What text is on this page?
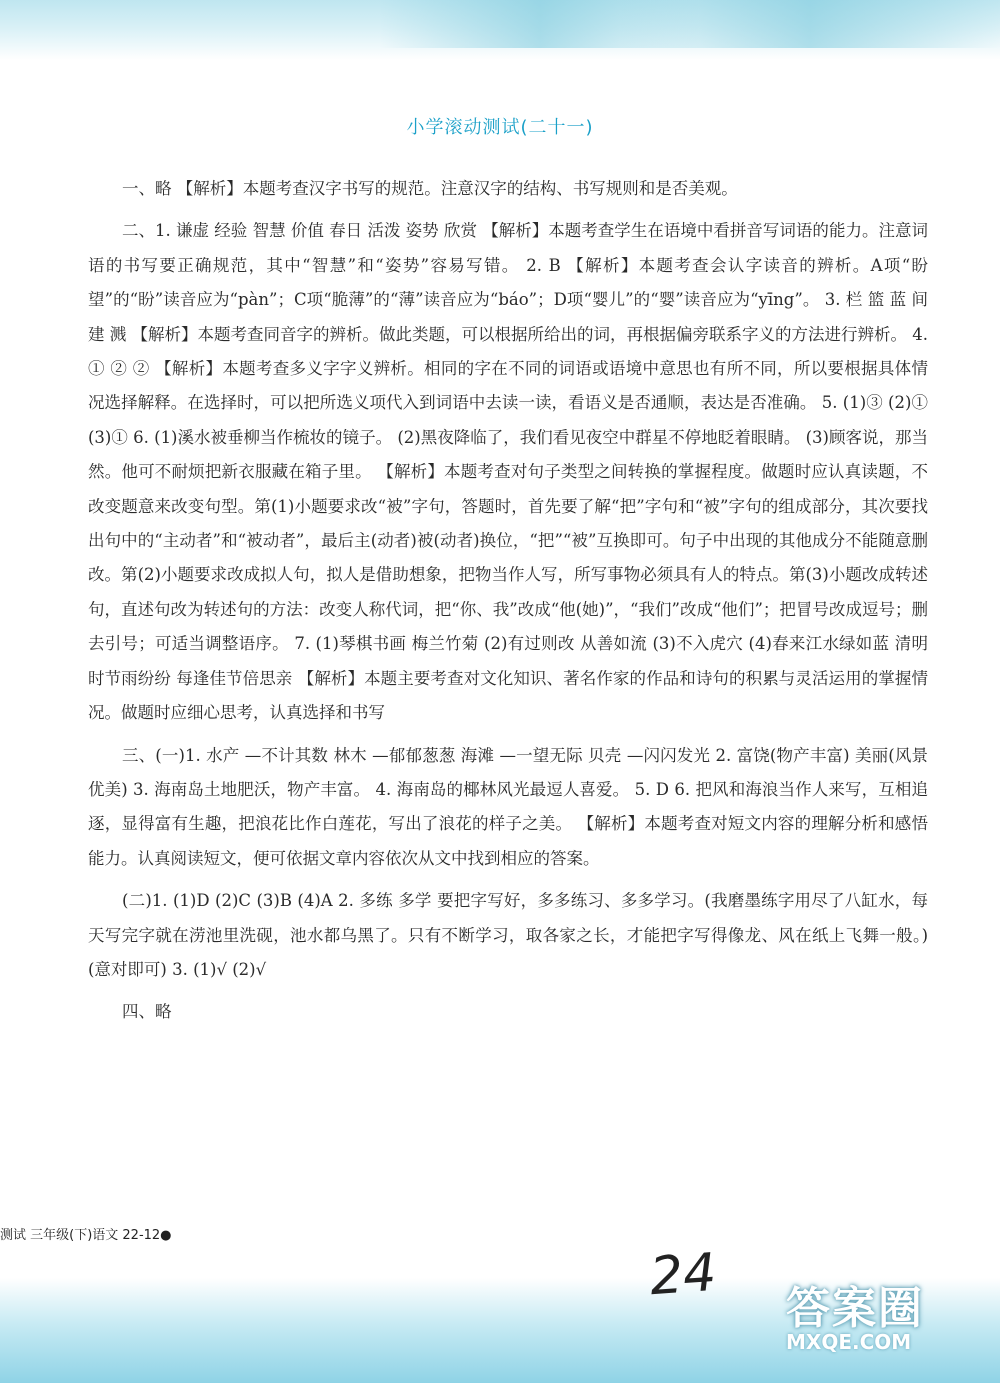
小学滚动测试(二十一)

一、略 【解析】本题考查汉字书写的规范。注意汉字的结构、书写规则和是否美观。

二、1. 谦虚 经验 智慧 价值 春日 活泼 姿势 欣赏 【解析】本题考查学生在语境中看拼音写词语的能力。注意词语的书写要正确规范，其中“智慧”和“姿势”容易写错。 2. B 【解析】本题考查会认字读音的辨析。A项“盼望”的“盼”读音应为“pàn”；C项“脆薄”的“薄”读音应为“báo”；D项“婴儿”的“婴”读音应为“yīng”。 3. 栏 篮 蓝 间 建 溅 【解析】本题考查同音字的辨析。做此类题，可以根据所给出的词，再根据偏旁联系字义的方法进行辨析。 4. ① ② ② 【解析】本题考查多义字字义辨析。相同的字在不同的词语或语境中意思也有所不同，所以要根据具体情况选择解释。在选择时，可以把所选义项代入到词语中去读一读，看语义是否通顺，表达是否准确。 5. (1)③ (2)① (3)① 6. (1)溪水被垂柳当作梳妆的镜子。 (2)黑夜降临了，我们看见夜空中群星不停地眨着眼睛。 (3)顾客说，那当然。他可不耐烦把新衣服藏在箱子里。 【解析】本题考查对句子类型之间转换的掌握程度。做题时应认真读题，不改变题意来改变句型。第(1)小题要求改“被”字句，答题时，首先要了解“把”字句和“被”字句的组成部分，其次要找出句中的“主动者”和“被动者”，最后主(动者)被(动者)换位，“把”“被”互换即可。句子中出现的其他成分不能随意删改。第(2)小题要求改成拟人句，拟人是借助想象，把物当作人写，所写事物必须具有人的特点。第(3)小题改成转述句，直述句改为转述句的方法：改变人称代词，把“你、我”改成“他(她)”，“我们”改成“他们”；把冒号改成逗号；删去引号；可适当调整语序。 7. (1)琴棋书画 梅兰竹菊 (2)有过则改 从善如流 (3)不入虎穴 (4)春来江水绿如蓝 清明时节雨纷纷 每逢佳节倍思亲 【解析】本题主要考查对文化知识、著名作家的作品和诗句的积累与灵活运用的掌握情况。做题时应细心思考，认真选择和书写

三、(一)1. 水产 —不计其数 林木 —郁郁葱葱 海滩 —一望无际 贝壳 —闪闪发光 2. 富饶(物产丰富) 美丽(风景优美) 3. 海南岛土地肥沃，物产丰富。 4. 海南岛的椰林风光最逗人喜爱。 5. D 6. 把风和海浪当作人来写，互相追逐，显得富有生趣，把浪花比作白莲花，写出了浪花的样子之美。 【解析】本题考查对短文内容的理解分析和感悟能力。认真阅读短文，便可依据文章内容依次从文中找到相应的答案。

(二)1. (1)D (2)C (3)B (4)A 2. 多练 多学 要把字写好，多多练习、多多学习。(我磨墨练字用尽了八缸水，每天写完字就在涝池里洗砚，池水都乌黑了。只有不断学习，取各家之长，才能把字写得像龙、风在纸上飞舞一般。)(意对即可) 3. (1)√ (2)√

四、略

测试 三年级(下)语文 22-12●
24
答案圈
MXQE.COM
